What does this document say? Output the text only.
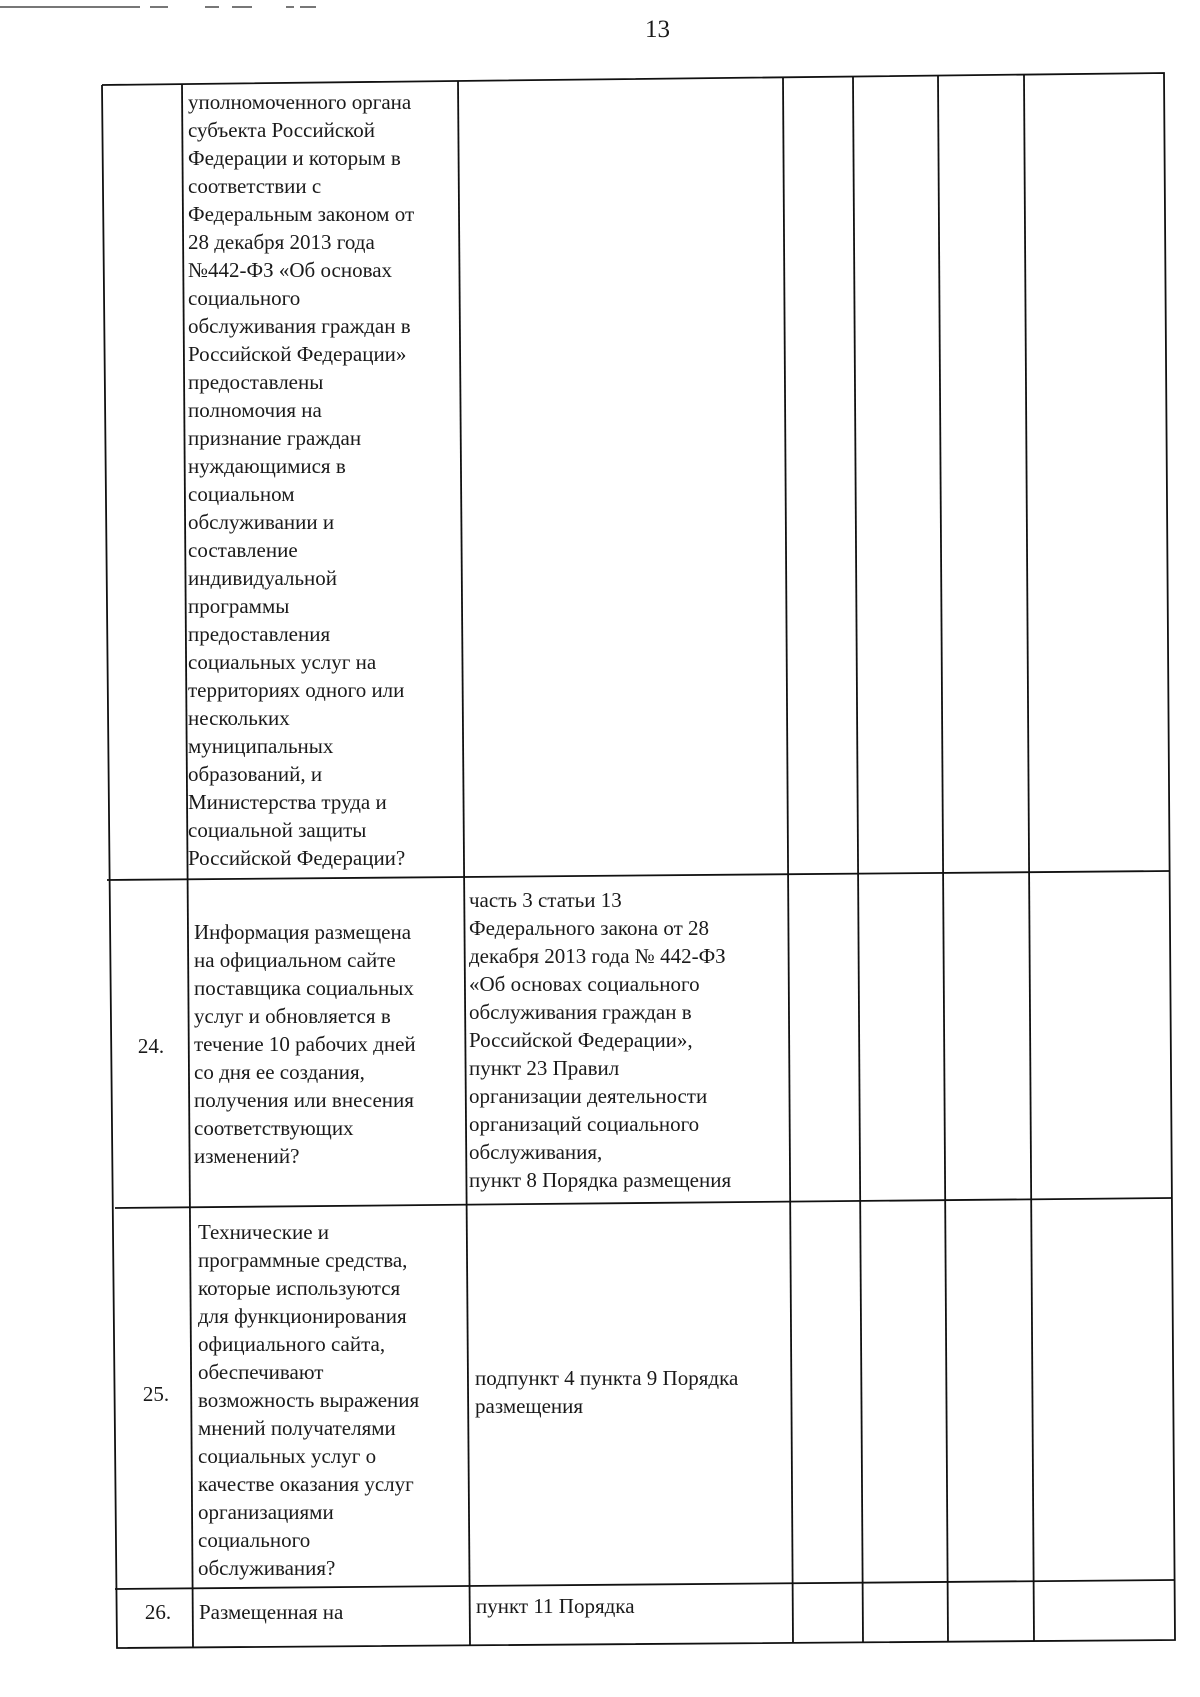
13
уполномоченного органа
субъекта Российской
Федерации и которым в
соответствии с
Федеральным законом от
28 декабря 2013 года
№442-ФЗ «Об основах
социального
обслуживания граждан в
Российской Федерации»
предоставлены
полномочия на
признание граждан
нуждающимися в
социальном
обслуживании и
составление
индивидуальной
программы
предоставления
социальных услуг на
территориях одного или
нескольких
муниципальных
образований, и
Министерства труда и
социальной защиты
Российской Федерации?
24.
Информация размещена
на официальном сайте
поставщика социальных
услуг и обновляется в
течение 10 рабочих дней
со дня ее создания,
получения или внесения
соответствующих
изменений?
часть 3 статьи 13
Федерального закона от 28
декабря 2013 года № 442-ФЗ
«Об основах социального
обслуживания граждан в
Российской Федерации»,
пункт 23 Правил
организации деятельности
организаций социального
обслуживания,
пункт 8 Порядка размещения
25.
Технические и
программные средства,
которые используются
для функционирования
официального сайта,
обеспечивают
возможность выражения
мнений получателями
социальных услуг о
качестве оказания услуг
организациями
социального
обслуживания?
подпункт 4 пункта 9 Порядка
размещения
26.	Размещенная на	пункт 11 Порядка
